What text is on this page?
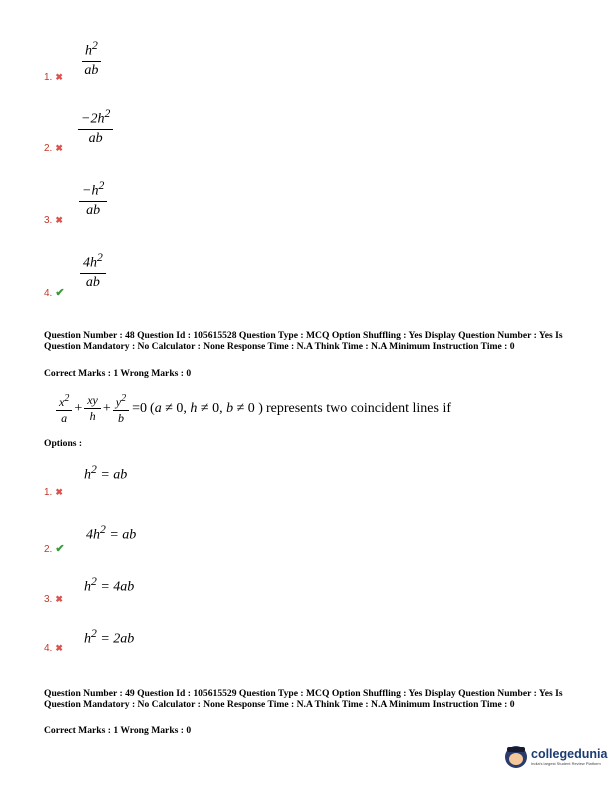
$\frac{h^2}{ab}$
1. ✖
$\frac{-2h^2}{ab}$
2. ✖
$\frac{-h^2}{ab}$
3. ✖
$\frac{4h^2}{ab}$
4. ✔
Question Number : 48 Question Id : 105615528 Question Type : MCQ Option Shuffling : Yes Display Question Number : Yes Is Question Mandatory : No Calculator : None Response Time : N.A Think Time : N.A Minimum Instruction Time : 0
Correct Marks : 1 Wrong Marks : 0
$\frac{x^2}{a} + \frac{xy}{h} + \frac{y^2}{b} =0$ (a ≠ 0, h ≠ 0, b ≠ 0 ) represents two coincident lines if
Options :
$h^2$ = ab
1. ✖
$4h^2$ = ab
2. ✔
$h^2 = 4ab$
3. ✖
$h^2 = 2ab$
4. ✖
Question Number : 49 Question Id : 105615529 Question Type : MCQ Option Shuffling : Yes Display Question Number : Yes Is Question Mandatory : No Calculator : None Response Time : N.A Think Time : N.A Minimum Instruction Time : 0
Correct Marks : 1 Wrong Marks : 0
collegedunia
India's largest Student Review Platform
